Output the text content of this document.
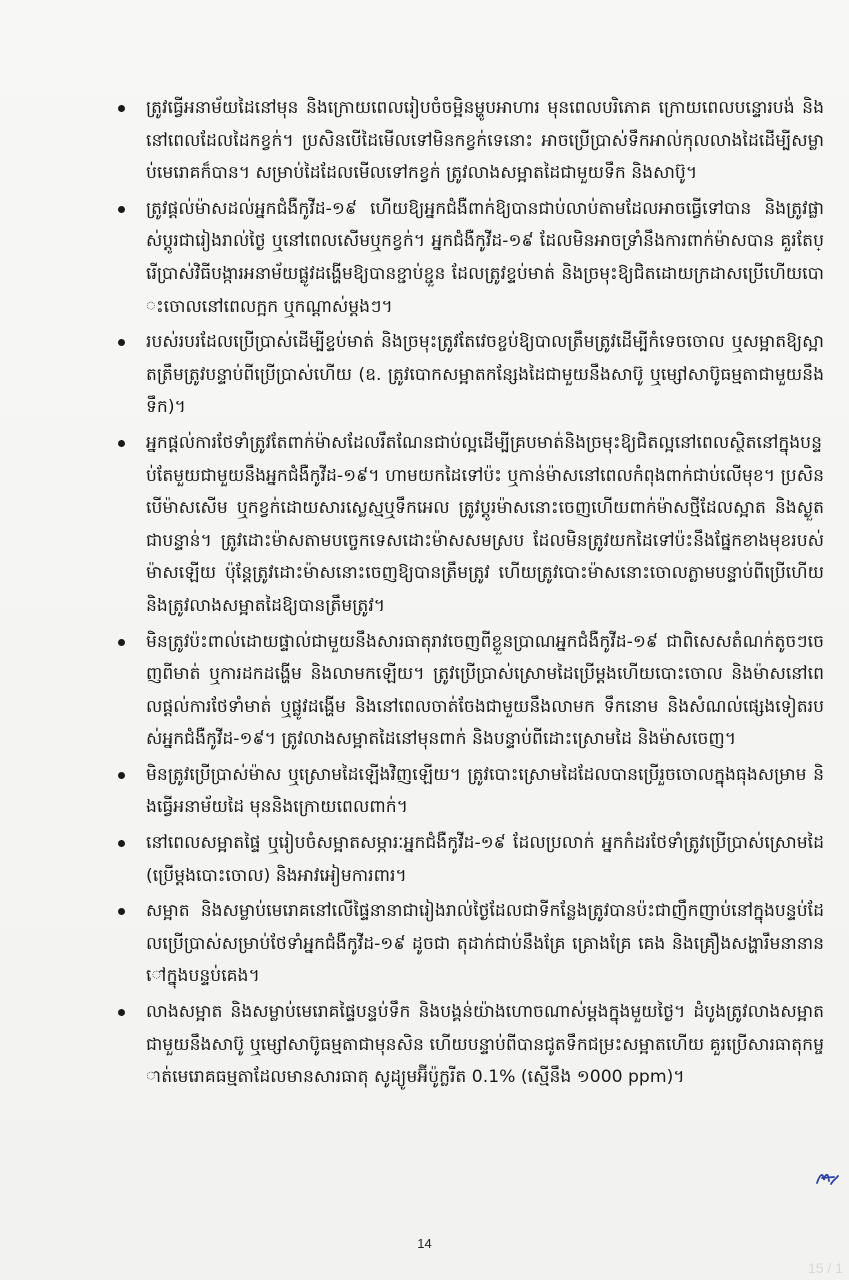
ត្រូវធ្វើអនាម័យដៃនៅមុន និងក្រោយពេលរៀបចំចម្អិនម្ហូបអាហារ មុនពេលបរិភោគ ក្រោយពេលបន្ទោរបង់ និងនៅពេលដែលដៃកខ្វក់។ ប្រសិនបើដៃមើលទៅមិនកខ្វក់ទេនោះ អាចប្រើប្រាស់ទឹកអាល់កុលលាងដៃដើម្បីសម្លាប់មេរោគក៏បាន។ សម្រាប់ដៃដែលមើលទៅកខ្វក់ ត្រូវលាងសម្អាតដៃជាមួយទឹក និងសាប៊ូ។
ត្រូវផ្តល់ម៉ាសដល់អ្នកជំងឺកូវីដ-១៩ ហើយឱ្យអ្នកជំងឺពាក់ឱ្យបានជាប់លាប់តាមដែលអាចធ្វើទៅបាន និងត្រូវផ្លាស់ប្តូរជារៀងរាល់ថ្ងៃ ឬនៅពេលសើមឬកខ្វក់។ អ្នកជំងឺកូវីដ-១៩ ដែលមិនអាចទ្រាំនឹងការពាក់ម៉ាសបាន គួរតែប្រើប្រាស់វិធីបង្ការអនាម័យផ្លូវដង្ហើមឱ្យបានខ្ជាប់ខ្ជួន ដែលត្រូវខ្ទប់មាត់ និងច្រមុះឱ្យជិតដោយក្រដាសប្រើហើយបោះចោលនៅពេលក្អក ឬកណ្តាស់ម្តងៗ។
របស់របរដែលប្រើប្រាស់ដើម្បីខ្ទប់មាត់ និងច្រមុះត្រូវតែវេចខ្ចប់ឱ្យបាលត្រឹមត្រូវដើម្បីកំទេចចោល ឬសម្អាតឱ្យស្អាតត្រឹមត្រូវបន្ទាប់ពីប្រើប្រាស់ហើយ (ឧ. ត្រូវបោកសម្អាតកន្សែងដៃជាមួយនឹងសាប៊ូ ឬម្សៅសាប៊ូធម្មតាជាមួយនឹងទឹក)។
អ្នកផ្តល់ការថែទាំត្រូវតែពាក់ម៉ាសដែលរឹតណែនជាប់ល្អដើម្បីគ្របមាត់និងច្រមុះឱ្យជិតល្អនៅពេលស្ថិតនៅក្នុងបន្ទប់តែមួយជាមួយនឹងអ្នកជំងឺកូវីដ-១៩។ ហាមយកដៃទៅប៉ះ ឬកាន់ម៉ាសនៅពេលកំពុងពាក់ជាប់លើមុខ។ ប្រសិនបើម៉ាសសើម ឬកខ្វក់ដោយសារស្លេស្មឬទឹកអេល ត្រូវប្តូរម៉ាសនោះចេញហើយពាក់ម៉ាសថ្មីដែលស្អាត និងស្ងួតជាបន្ទាន់។ ត្រូវដោះម៉ាសតាមបច្ចេកទេសដោះម៉ាសសមស្រប ដែលមិនត្រូវយកដៃទៅប៉ះនឹងផ្នែកខាងមុខរបស់ម៉ាសឡើយ ប៉ុន្តែត្រូវដោះម៉ាសនោះចេញឱ្យបានត្រឹមត្រូវ ហើយត្រូវបោះម៉ាសនោះចោលភ្លាមបន្ទាប់ពីប្រើហើយ និងត្រូវលាងសម្អាតដៃឱ្យបានត្រឹមត្រូវ។
មិនត្រូវប៉ះពាល់ដោយផ្ទាល់ជាមួយនឹងសារធាតុរាវចេញពីខ្លួនប្រាណអ្នកជំងឺកូវីដ-១៩ ជាពិសេសតំណក់តូចៗចេញពីមាត់ ឬការដកដង្ហើម និងលាមកឡើយ។ ត្រូវប្រើប្រាស់ស្រោមដៃប្រើម្តងហើយបោះចោល និងម៉ាសនៅពេលផ្តល់ការថែទាំមាត់ ឬផ្លូវដង្ហើម និងនៅពេលចាត់ចែងជាមួយនឹងលាមក ទឹកនោម និងសំណល់ផ្សេងទៀតរបស់អ្នកជំងឺកូវីដ-១៩។ ត្រូវលាងសម្អាតដៃនៅមុនពាក់ និងបន្ទាប់ពីដោះស្រោមដៃ និងម៉ាសចេញ។
មិនត្រូវប្រើប្រាស់ម៉ាស ឬស្រោមដៃឡើងវិញឡើយ។ ត្រូវបោះស្រោមដៃដែលបានប្រើរួចចោលក្នុងធុងសម្រាម និងធ្វើអនាម័យដៃ មុននិងក្រោយពេលពាក់។
នៅពេលសម្អាតផ្ទៃ ឬរៀបចំសម្អាតសម្ភារៈអ្នកជំងឺកូវីដ-១៩ ដែលប្រលាក់ អ្នកកំដរថែទាំត្រូវប្រើប្រាស់ស្រោមដៃ (ប្រើម្តងបោះចោល) និងអាវអៀមការពារ។
សម្អាត និងសម្លាប់មេរោគនៅលើផ្ទៃនានាជារៀងរាល់ថ្ងៃដែលជាទីកន្លែងត្រូវបានប៉ះជាញឹកញាប់នៅក្នុងបន្ទប់ដែលប្រើប្រាស់សម្រាប់ថែទាំអ្នកជំងឺកូវីដ-១៩ ដូចជា តុដាក់ជាប់នឹងគ្រែ គ្រោងគ្រែ គេង និងគ្រឿងសង្ហារឹមនានានៅក្នុងបន្ទប់គេង។
លាងសម្អាត និងសម្លាប់មេរោគផ្ទៃបន្ទប់ទឹក និងបង្គន់យ៉ាងហោចណាស់ម្តងក្នុងមួយថ្ងៃ។ ដំបូងត្រូវលាងសម្អាតជាមួយនឹងសាប៊ូ ឬម្សៅសាប៊ូធម្មតាជាមុនសិន ហើយបន្ទាប់ពីបានជូតទឹកជម្រះសម្អាតហើយ គួរប្រើសារធាតុកម្ចាត់មេរោគធម្មតាដែលមានសារធាតុ សូដ្យូមអ៊ីប៉ូក្លរីត 0.1% (ស្មើនឹង ១000 ppm)។
14
15 / 1
